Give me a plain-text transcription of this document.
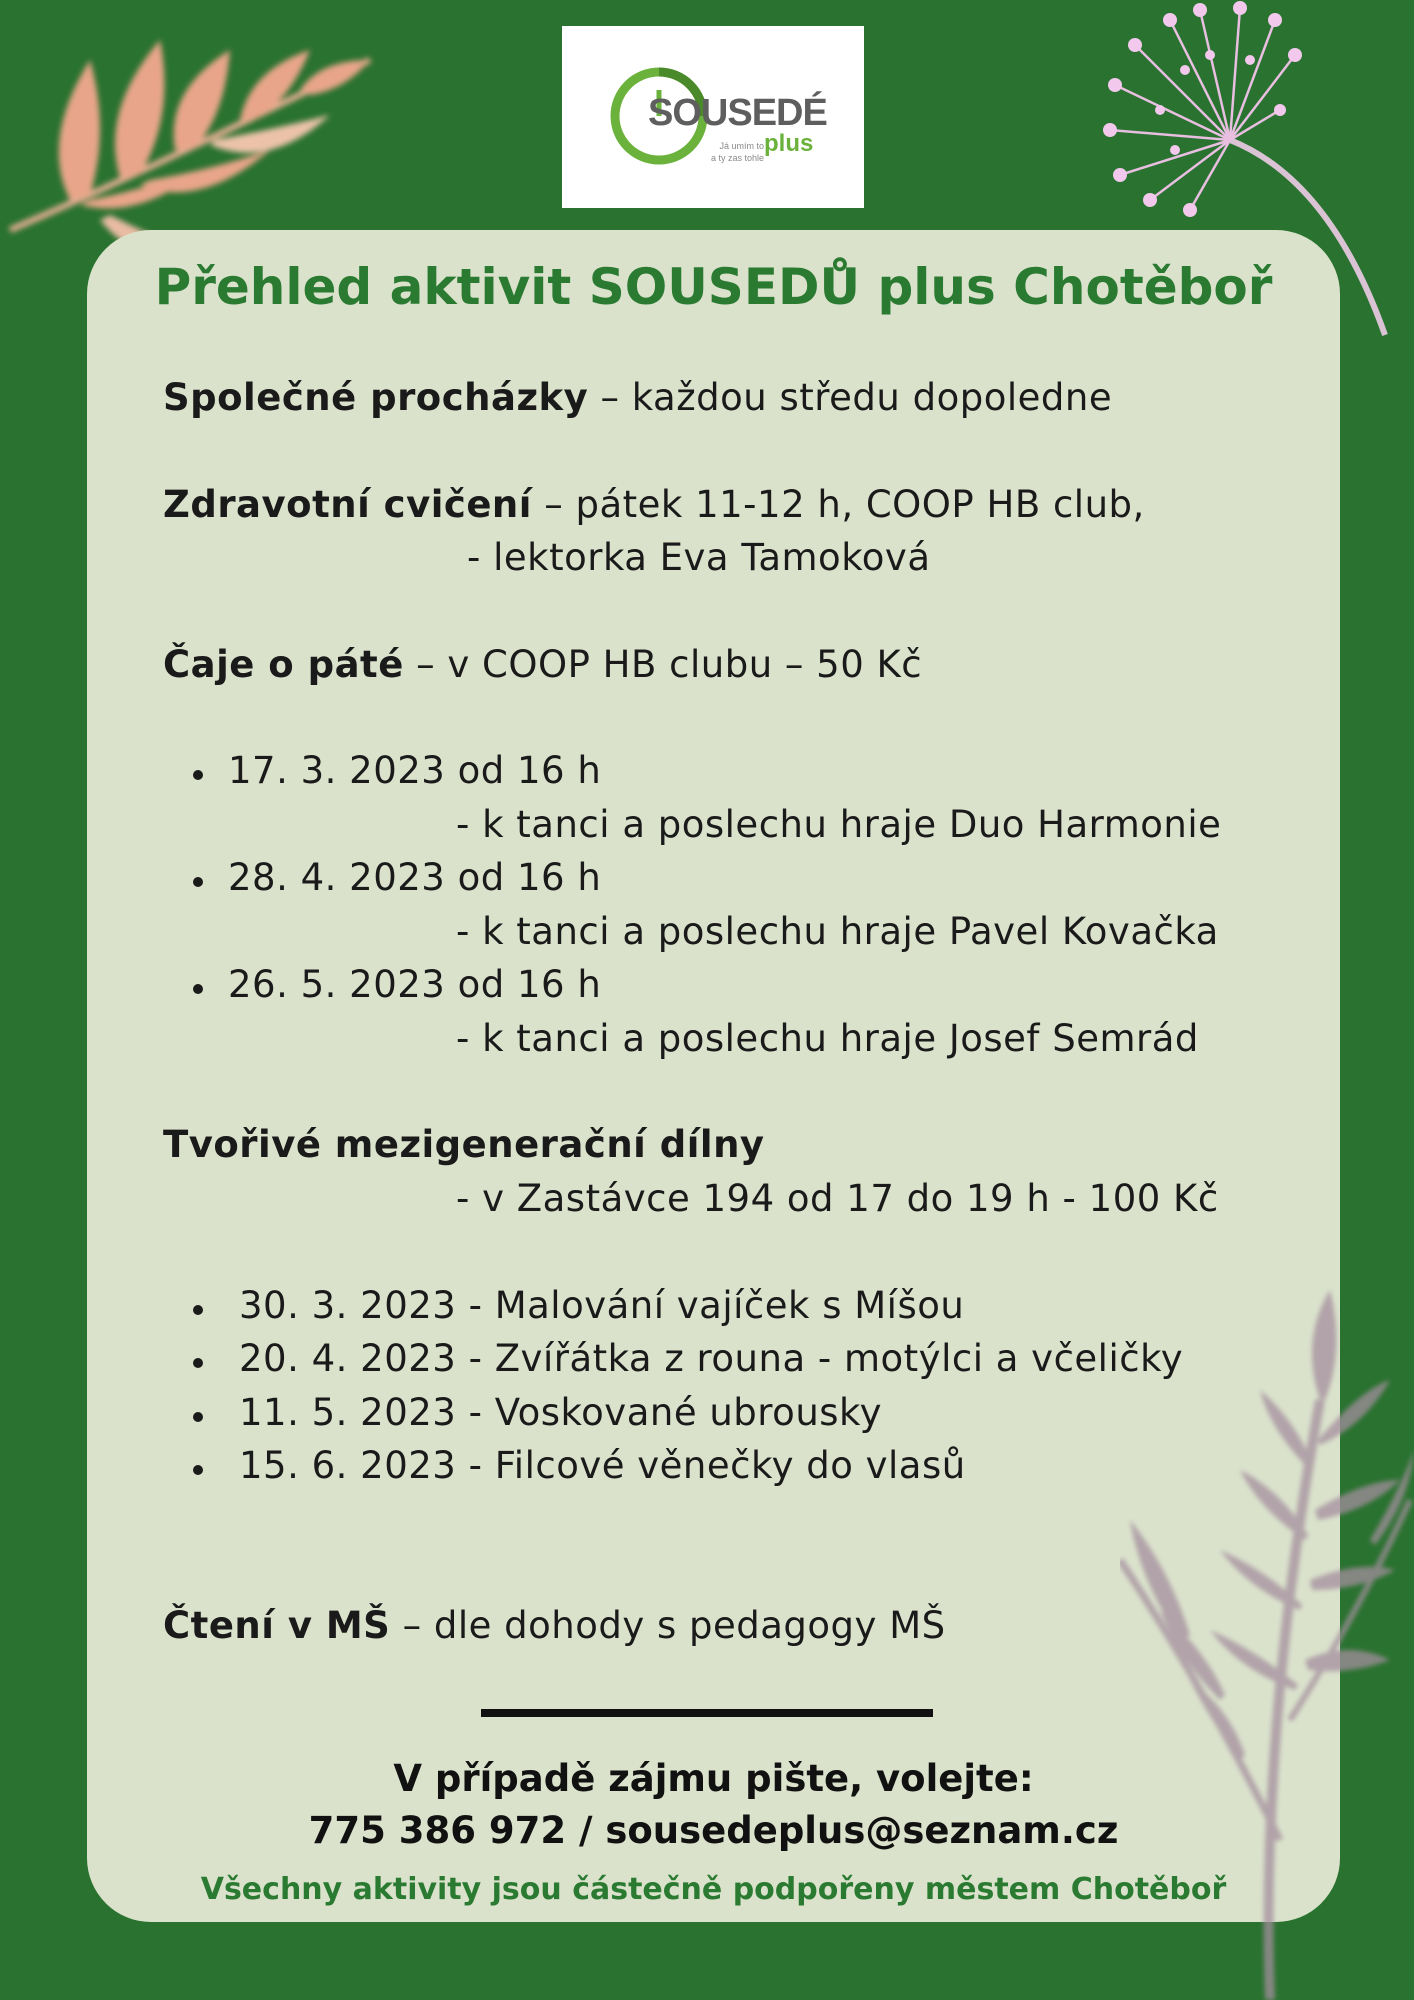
SOUSEDÉ
Já umím to
a ty zas tohle
plus
Přehled aktivit SOUSEDŮ plus Chotěboř
Společné procházky – každou středu dopoledne
Zdravotní cvičení – pátek 11-12 h, COOP HB club,
- lektorka Eva Tamoková
Čaje o páté – v COOP HB clubu – 50 Kč
17. 3. 2023 od 16 h
- k tanci a poslechu hraje Duo Harmonie
28. 4. 2023 od 16 h
- k tanci a poslechu hraje Pavel Kovačka
26. 5. 2023 od 16 h
- k tanci a poslechu hraje Josef Semrád
Tvořivé mezigenerační dílny
- v Zastávce 194 od 17 do 19 h - 100 Kč
30. 3. 2023 - Malování vajíček s Míšou
20. 4. 2023 - Zvířátka z rouna - motýlci a včeličky
11. 5. 2023 - Voskované ubrousky
15. 6. 2023 - Filcové věnečky do vlasů
Čtení v MŠ – dle dohody s pedagogy MŠ
V případě zájmu pište, volejte:
775 386 972 / sousedeplus@seznam.cz
Všechny aktivity jsou částečně podpořeny městem Chotěboř
